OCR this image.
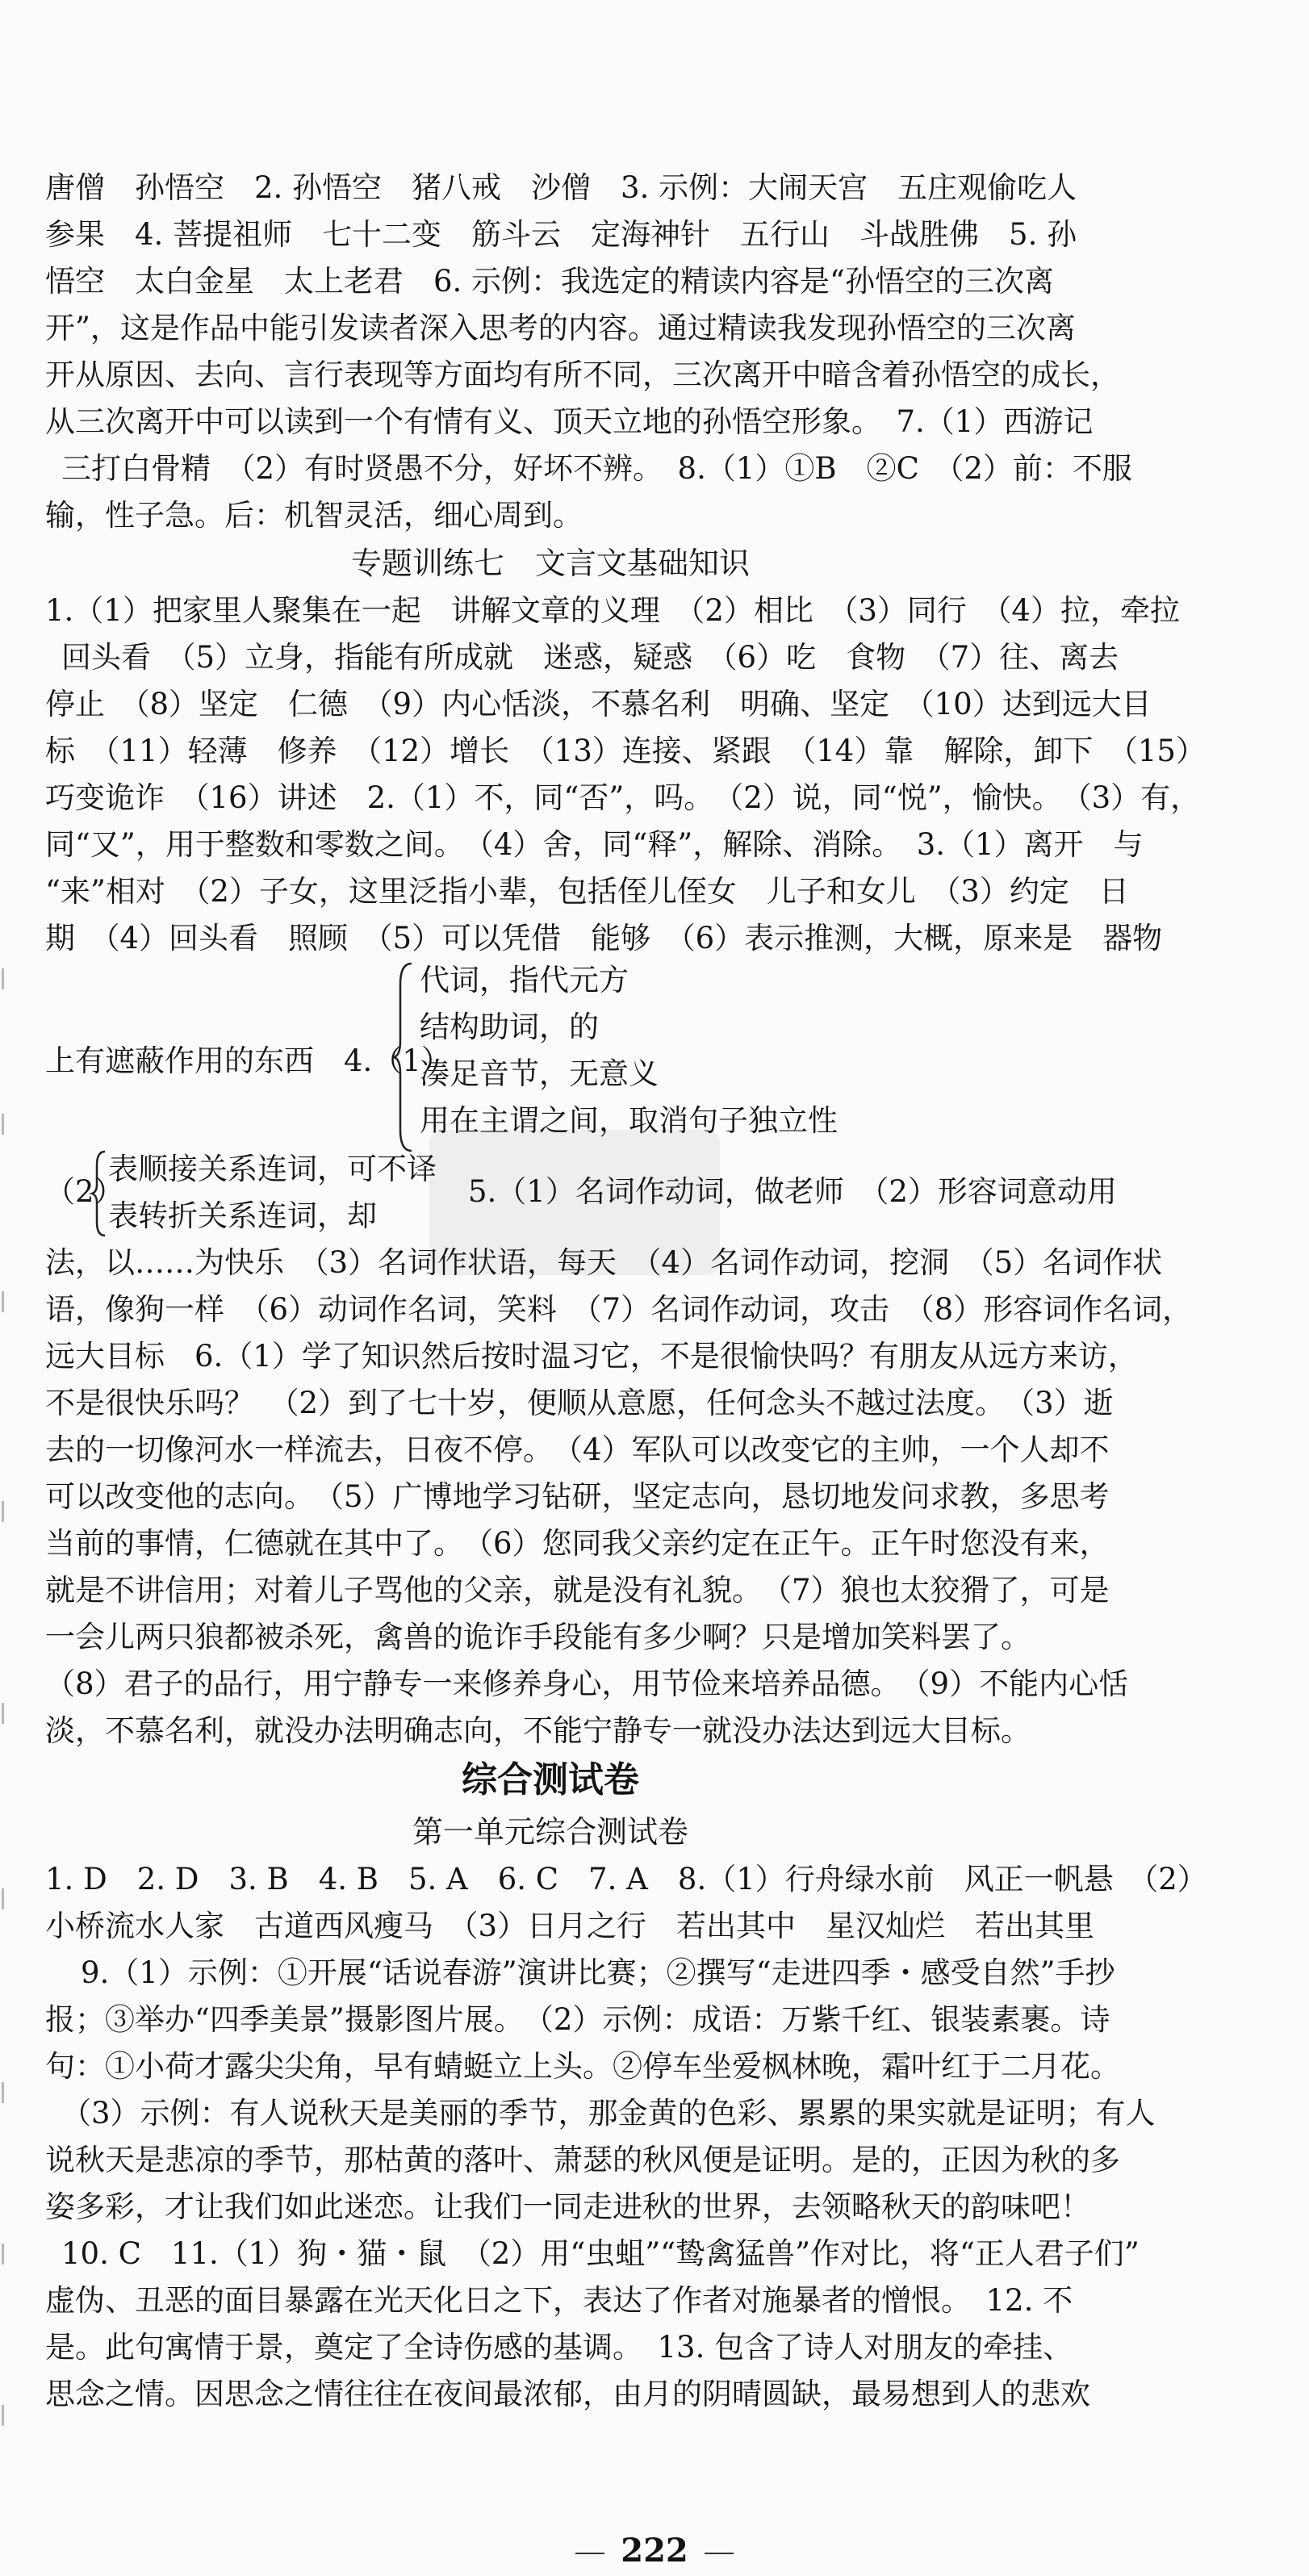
唐僧　孙悟空　2. 孙悟空　猪八戒　沙僧　3. 示例：大闹天宫　五庄观偷吃人
参果　4. 菩提祖师　七十二变　筋斗云　定海神针　五行山　斗战胜佛　5. 孙
悟空　太白金星　太上老君　6. 示例：我选定的精读内容是“孙悟空的三次离
开”，这是作品中能引发读者深入思考的内容。通过精读我发现孙悟空的三次离
开从原因、去向、言行表现等方面均有所不同，三次离开中暗含着孙悟空的成长，
从三次离开中可以读到一个有情有义、顶天立地的孙悟空形象。　7.（1）西游记
三打白骨精　（2）有时贤愚不分，好坏不辨。　8.（1）①B　②C　（2）前：不服
输，性子急。后：机智灵活，细心周到。
专题训练七　文言文基础知识
1.（1）把家里人聚集在一起　讲解文章的义理　（2）相比　（3）同行　（4）拉，牵拉
回头看　（5）立身，指能有所成就　迷惑，疑惑　（6）吃　食物　（7）往、离去
停止　（8）坚定　仁德　（9）内心恬淡，不慕名利　明确、坚定　（10）达到远大目
标　（11）轻薄　修养　（12）增长　（13）连接、紧跟　（14）靠　解除，卸下　（15）
巧变诡诈　（16）讲述　2.（1）不，同“否”，吗。　（2）说，同“悦”，愉快。　（3）有，
同“又”，用于整数和零数之间。　（4）舍，同“释”，解除、消除。　3.（1）离开　与
“来”相对　（2）子女，这里泛指小辈，包括侄儿侄女　儿子和女儿　（3）约定　日
期　（4）回头看　照顾　（5）可以凭借　能够　（6）表示推测，大概，原来是　器物
上有遮蔽作用的东西　4.（1）
代词，指代元方
结构助词，的
凑足音节，无意义
用在主谓之间，取消句子独立性
（2）
表顺接关系连词，可不译
表转折关系连词，却
5.（1）名词作动词，做老师　（2）形容词意动用
法，以……为快乐　（3）名词作状语，每天　（4）名词作动词，挖洞　（5）名词作状
语，像狗一样　（6）动词作名词，笑料　（7）名词作动词，攻击　（8）形容词作名词，
远大目标　6.（1）学了知识然后按时温习它，不是很愉快吗？有朋友从远方来访，
不是很快乐吗？　（2）到了七十岁，便顺从意愿，任何念头不越过法度。　（3）逝
去的一切像河水一样流去，日夜不停。　（4）军队可以改变它的主帅，一个人却不
可以改变他的志向。　（5）广博地学习钻研，坚定志向，恳切地发问求教，多思考
当前的事情，仁德就在其中了。　（6）您同我父亲约定在正午。正午时您没有来，
就是不讲信用；对着儿子骂他的父亲，就是没有礼貌。　（7）狼也太狡猾了，可是
一会儿两只狼都被杀死，禽兽的诡诈手段能有多少啊？只是增加笑料罢了。
（8）君子的品行，用宁静专一来修养身心，用节俭来培养品德。　（9）不能内心恬
淡，不慕名利，就没办法明确志向，不能宁静专一就没办法达到远大目标。
综合测试卷
第一单元综合测试卷
1. D　2. D　3. B　4. B　5. A　6. C　7. A　8.（1）行舟绿水前　风正一帆悬　（2）
小桥流水人家　古道西风瘦马　（3）日月之行　若出其中　星汉灿烂　若出其里
9.（1）示例：①开展“话说春游”演讲比赛；②撰写“走进四季・感受自然”手抄
报；③举办“四季美景”摄影图片展。　（2）示例：成语：万紫千红、银装素裹。诗
句：①小荷才露尖尖角，早有蜻蜓立上头。②停车坐爱枫林晚，霜叶红于二月花。
（3）示例：有人说秋天是美丽的季节，那金黄的色彩、累累的果实就是证明；有人
说秋天是悲凉的季节，那枯黄的落叶、萧瑟的秋风便是证明。是的，正因为秋的多
姿多彩，才让我们如此迷恋。让我们一同走进秋的世界，去领略秋天的韵味吧！
10. C　11.（1）狗・猫・鼠　（2）用“虫蛆”“鸷禽猛兽”作对比，将“正人君子们”
虚伪、丑恶的面目暴露在光天化日之下，表达了作者对施暴者的憎恨。　12. 不
是。此句寓情于景，奠定了全诗伤感的基调。　13. 包含了诗人对朋友的牵挂、
思念之情。因思念之情往往在夜间最浓郁，由月的阴晴圆缺，最易想到人的悲欢
222
